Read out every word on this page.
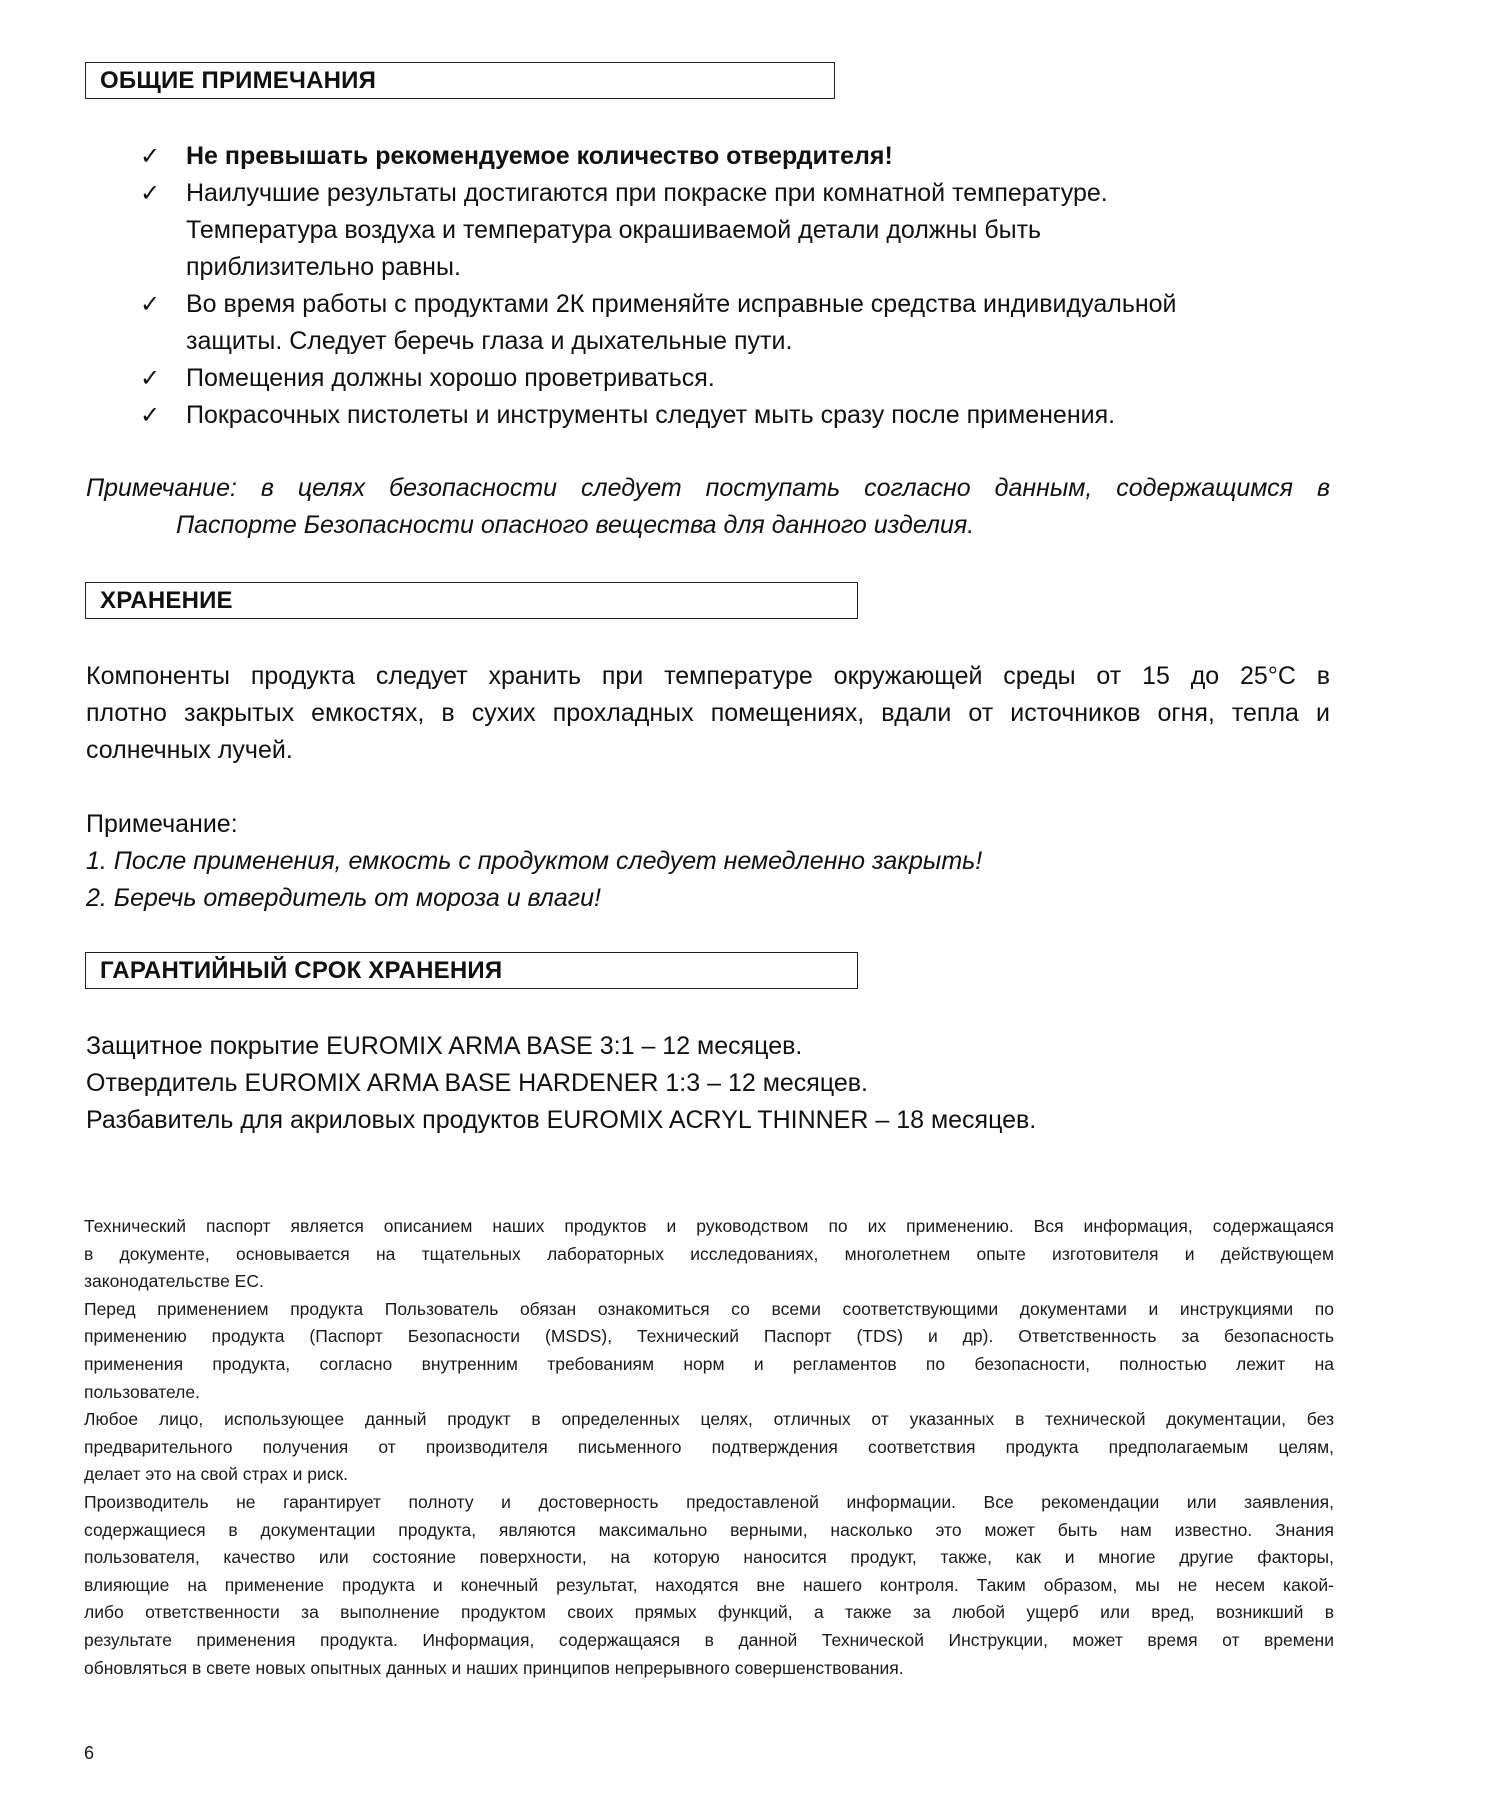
ОБЩИЕ ПРИМЕЧАНИЯ
✓	Не превышать рекомендуемое количество отвердителя!
✓	Наилучшие результаты достигаются при покраске при комнатной температуре.
Температура воздуха и температура окрашиваемой детали должны быть
приблизительно равны.
✓	Во время работы с продуктами 2К применяйте исправные средства индивидуальной
защиты. Следует беречь глаза и дыхательные пути.
✓	Помещения должны хорошо проветриваться.
✓	Покрасочных пистолеты и инструменты следует мыть сразу после применения.
Примечание: в целях безопасности следует поступать согласно данным, содержащимся в
Паспорте Безопасности опасного вещества для данного изделия.
ХРАНЕНИЕ
Компоненты продукта следует хранить при температуре окружающей среды от 15 до 25°C в
плотно закрытых емкостях, в сухих прохладных помещениях, вдали от источников огня, тепла и
солнечных лучей.
Примечание:
1. После применения, емкость с продуктом следует немедленно закрыть!
2. Беречь отвердитель от мороза и влаги!
ГАРАНТИЙНЫЙ СРОК ХРАНЕНИЯ
Защитное покрытие EUROMIX ARMA BASE 3:1 – 12 месяцев.
Отвердитель EUROMIX ARMA BASE HARDENER 1:3 – 12 месяцев.
Разбавитель для акриловых продуктов EUROMIX ACRYL THINNER – 18 месяцев.
Технический паспорт является описанием наших продуктов и руководством по их применению. Вся информация, содержащаяся
в документе, основывается на тщательных лабораторных исследованиях, многолетнем опыте изготовителя и действующем
законодательстве ЕС.
Перед применением продукта Пользователь обязан ознакомиться со всеми соответствующими документами и инструкциями по
применению продукта (Паспорт Безопасности (MSDS), Технический Паспорт (TDS) и др). Ответственность за безопасность
применения продукта, согласно внутренним требованиям норм и регламентов по безопасности, полностью лежит на
пользователе.
Любое лицо, использующее данный продукт в определенных целях, отличных от указанных в технической документации, без
предварительного получения от производителя письменного подтверждения соответствия продукта предполагаемым целям,
делает это на свой страх и риск.
Производитель не гарантирует полноту и достоверность предоставленой информации. Все рекомендации или заявления,
содержащиеся в документации продукта, являются максимально верными, насколько это может быть нам известно. Знания
пользователя, качество или состояние поверхности, на которую наносится продукт, также, как и многие другие факторы,
влияющие на применение продукта и конечный результат, находятся вне нашего контроля. Таким образом, мы не несем какой-
либо ответственности за выполнение продуктом своих прямых функций, а также за любой ущерб или вред, возникший в
результате применения продукта. Информация, содержащаяся в данной Технической Инструкции, может время от времени
обновляться в свете новых опытных данных и наших принципов непрерывного совершенствования.
6
